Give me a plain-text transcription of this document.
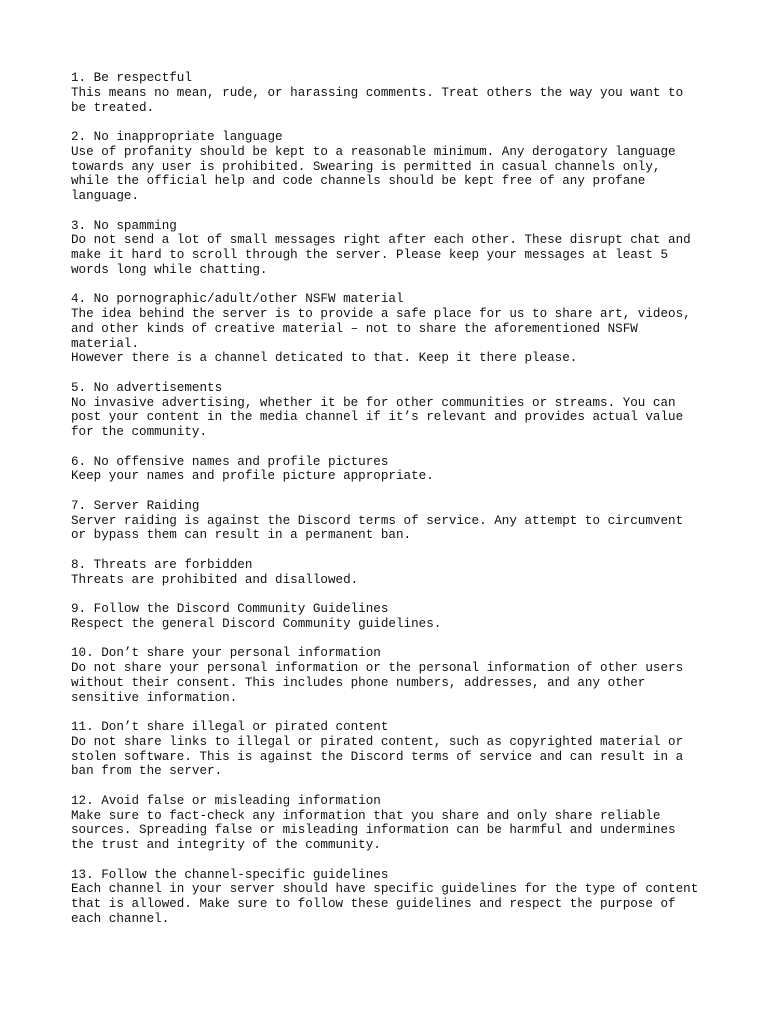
1. Be respectful
This means no mean, rude, or harassing comments. Treat others the way you want to
be treated.
2. No inappropriate language
Use of profanity should be kept to a reasonable minimum. Any derogatory language
towards any user is prohibited. Swearing is permitted in casual channels only,
while the official help and code channels should be kept free of any profane
language.
3. No spamming
Do not send a lot of small messages right after each other. These disrupt chat and
make it hard to scroll through the server. Please keep your messages at least 5
words long while chatting.
4. No pornographic/adult/other NSFW material
The idea behind the server is to provide a safe place for us to share art, videos,
and other kinds of creative material – not to share the aforementioned NSFW
material.
However there is a channel deticated to that. Keep it there please.
5. No advertisements
No invasive advertising, whether it be for other communities or streams. You can
post your content in the media channel if it’s relevant and provides actual value
for the community.
6. No offensive names and profile pictures
Keep your names and profile picture appropriate.
7. Server Raiding
Server raiding is against the Discord terms of service. Any attempt to circumvent
or bypass them can result in a permanent ban.
8. Threats are forbidden
Threats are prohibited and disallowed.
9. Follow the Discord Community Guidelines
Respect the general Discord Community guidelines.
10. Don’t share your personal information
Do not share your personal information or the personal information of other users
without their consent. This includes phone numbers, addresses, and any other
sensitive information.
11. Don’t share illegal or pirated content
Do not share links to illegal or pirated content, such as copyrighted material or
stolen software. This is against the Discord terms of service and can result in a
ban from the server.
12. Avoid false or misleading information
Make sure to fact-check any information that you share and only share reliable
sources. Spreading false or misleading information can be harmful and undermines
the trust and integrity of the community.
13. Follow the channel-specific guidelines
Each channel in your server should have specific guidelines for the type of content
that is allowed. Make sure to follow these guidelines and respect the purpose of
each channel.
